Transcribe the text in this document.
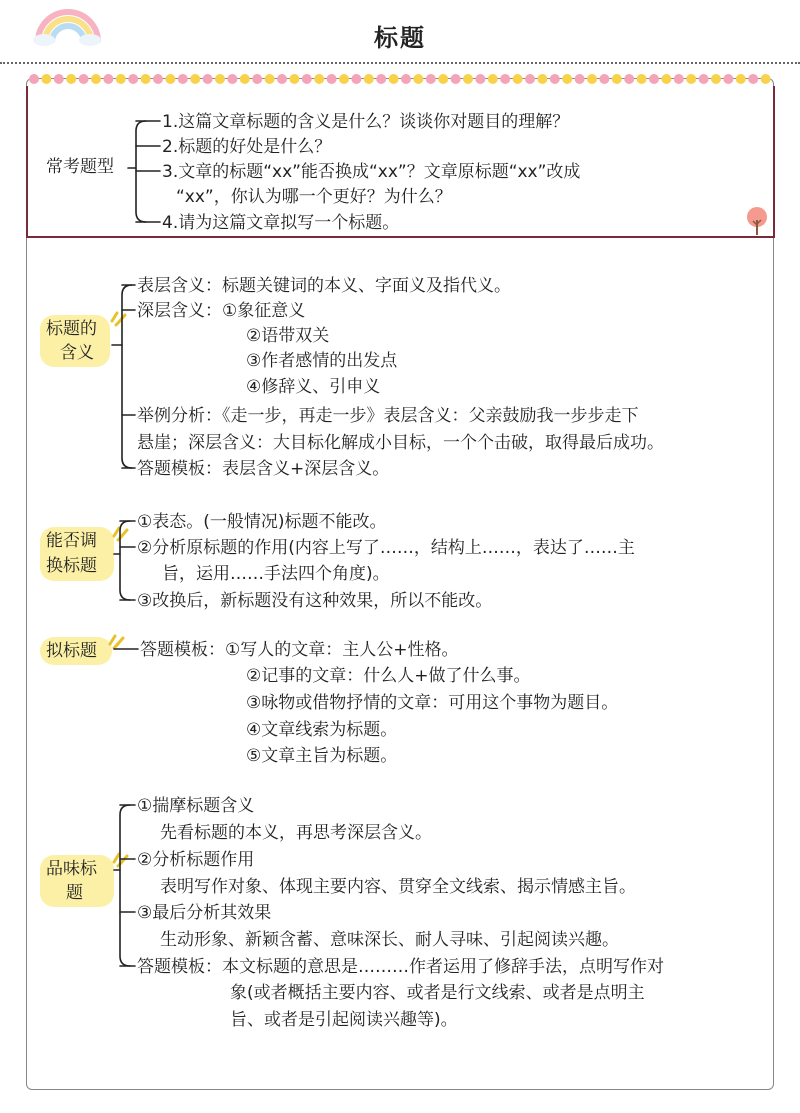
标题
常考题型
1.这篇文章标题的含义是什么？谈谈你对题目的理解？
2.标题的好处是什么？
3.文章的标题“xx”能否换成“xx”？文章原标题“xx”改成
“xx”，你认为哪一个更好？为什么？
4.请为这篇文章拟写一个标题。
标题的
含义
表层含义：标题关键词的本义、字面义及指代义。
深层含义：①象征意义
②语带双关
③作者感情的出发点
④修辞义、引申义
举例分析：《走一步，再走一步》表层含义：父亲鼓励我一步步走下
悬崖；深层含义：大目标化解成小目标，一个个击破，取得最后成功。
答题模板：表层含义+深层含义。
能否调
换标题
①表态。(一般情况)标题不能改。
②分析原标题的作用(内容上写了……，结构上……，表达了……主
旨，运用……手法四个角度)。
③改换后，新标题没有这种效果，所以不能改。
拟标题	答题模板：①写人的文章：主人公+性格。
②记事的文章：什么人+做了什么事。
③咏物或借物抒情的文章：可用这个事物为题目。
④文章线索为标题。
⑤文章主旨为标题。
品味标
题
①揣摩标题含义
先看标题的本义，再思考深层含义。
②分析标题作用
表明写作对象、体现主要内容、贯穿全文线索、揭示情感主旨。
③最后分析其效果
生动形象、新颖含蓄、意味深长、耐人寻味、引起阅读兴趣。
答题模板：本文标题的意思是………作者运用了修辞手法，点明写作对
象(或者概括主要内容、或者是行文线索、或者是点明主
旨、或者是引起阅读兴趣等)。
